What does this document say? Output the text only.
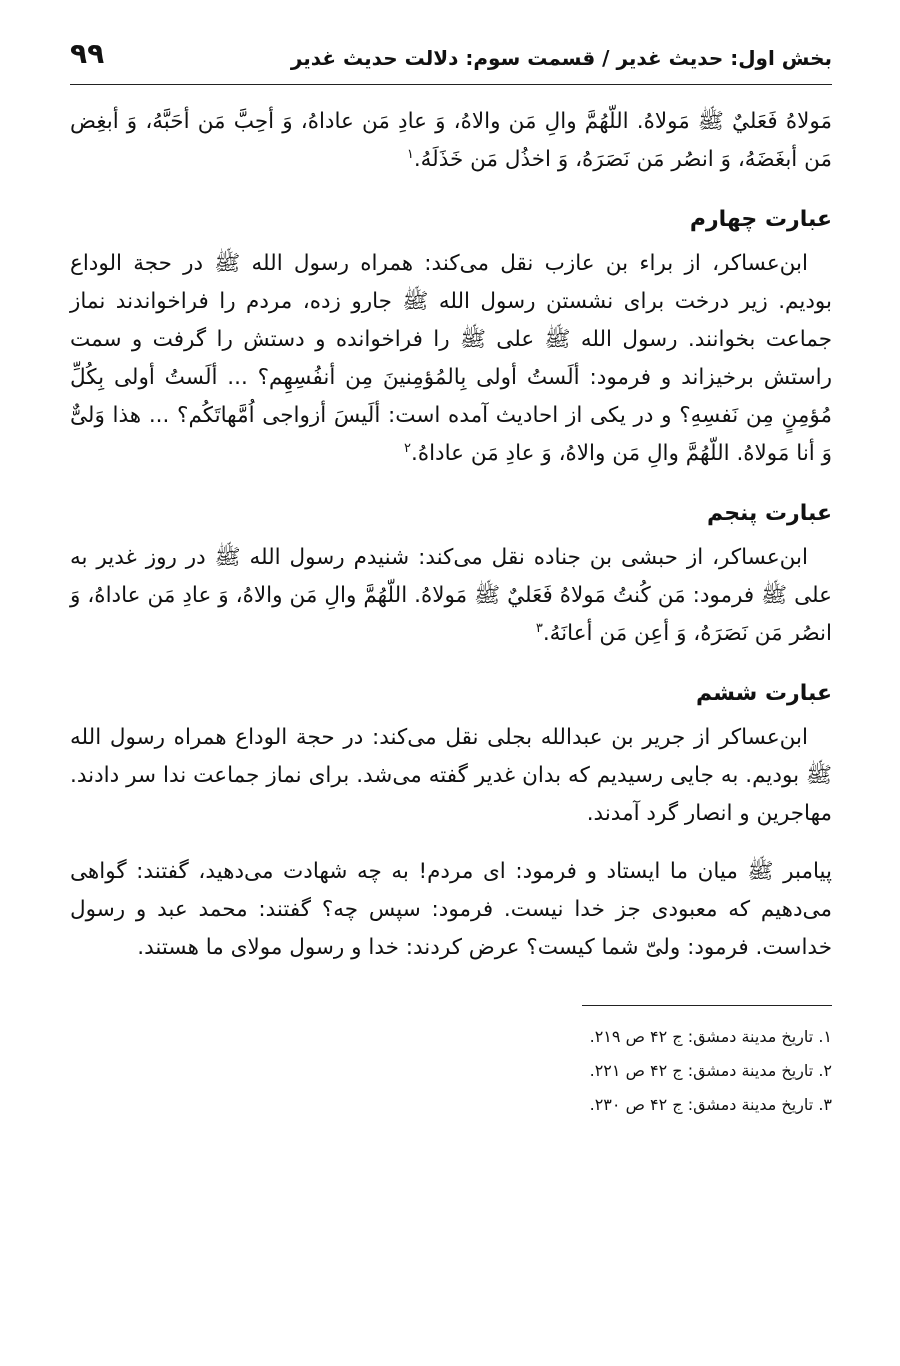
بخش اول: حدیث غدیر / قسمت سوم: دلالت حدیث غدیر
۹۹

مَولاهُ فَعَليٌ ﷺ مَولاهُ. اللّهُمَّ والِ مَن والاهُ، وَ عادِ مَن عاداهُ، وَ أحِبَّ مَن أحَبَّهُ، وَ أبغِض مَن أبغَضَهُ، وَ انصُر مَن نَصَرَهُ، وَ اخذُل مَن خَذَلَهُ.$^۱$

عبارت چهارم

ابن‌عساکر، از براء بن عازب نقل می‌کند: همراه رسول الله ﷺ در حجة الوداع بودیم. زیر درخت برای نشستن رسول الله ﷺ جارو زده، مردم را فراخواندند نماز جماعت بخوانند. رسول الله ﷺ علی ﷺ را فراخوانده و دستش را گرفت و سمت راستش برخیزاند و فرمود: ألَستُ أولی بِالمُؤمِنینَ مِن أنفُسِهِم؟ ... ألَستُ أولی بِكُلِّ مُؤمِنٍ مِن نَفسِهِ؟ و در یکی از احادیث آمده است: ألَیسَ أزواجی اُمَّهاتَكُم؟ ... هذا وَلیٌّ وَ أنا مَولاهُ. اللّهُمَّ والِ مَن والاهُ، وَ عادِ مَن عاداهُ.$^۲$

عبارت پنجم

ابن‌عساکر، از حبشی بن جناده نقل می‌کند: شنیدم رسول الله ﷺ در روز غدیر به علی ﷺ فرمود: مَن كُنتُ مَولاهُ فَعَليٌ ﷺ مَولاهُ. اللّهُمَّ والِ مَن والاهُ، وَ عادِ مَن عاداهُ، وَ انصُر مَن نَصَرَهُ، وَ أعِن مَن أعانَهُ.$^۳$

عبارت ششم

ابن‌عساکر از جریر بن عبدالله بجلی نقل می‌کند: در حجة الوداع همراه رسول الله ﷺ بودیم. به جایی رسیدیم که بدان غدیر گفته می‌شد. برای نماز جماعت ندا سر دادند. مهاجرین و انصار گرد آمدند.

پیامبر ﷺ میان ما ایستاد و فرمود: ای مردم! به چه شهادت می‌دهید، گفتند: گواهی می‌دهیم که معبودی جز خدا نیست. فرمود: سپس چه؟ گفتند: محمد عبد و رسول خداست. فرمود: ولیّ شما کیست؟ عرض کردند: خدا و رسول مولای ما هستند.

۱. تاریخ مدینة دمشق: ج ۴۲ ص ۲۱۹.
۲. تاریخ مدینة دمشق: ج ۴۲ ص ۲۲۱.
۳. تاریخ مدینة دمشق: ج ۴۲ ص ۲۳۰.
